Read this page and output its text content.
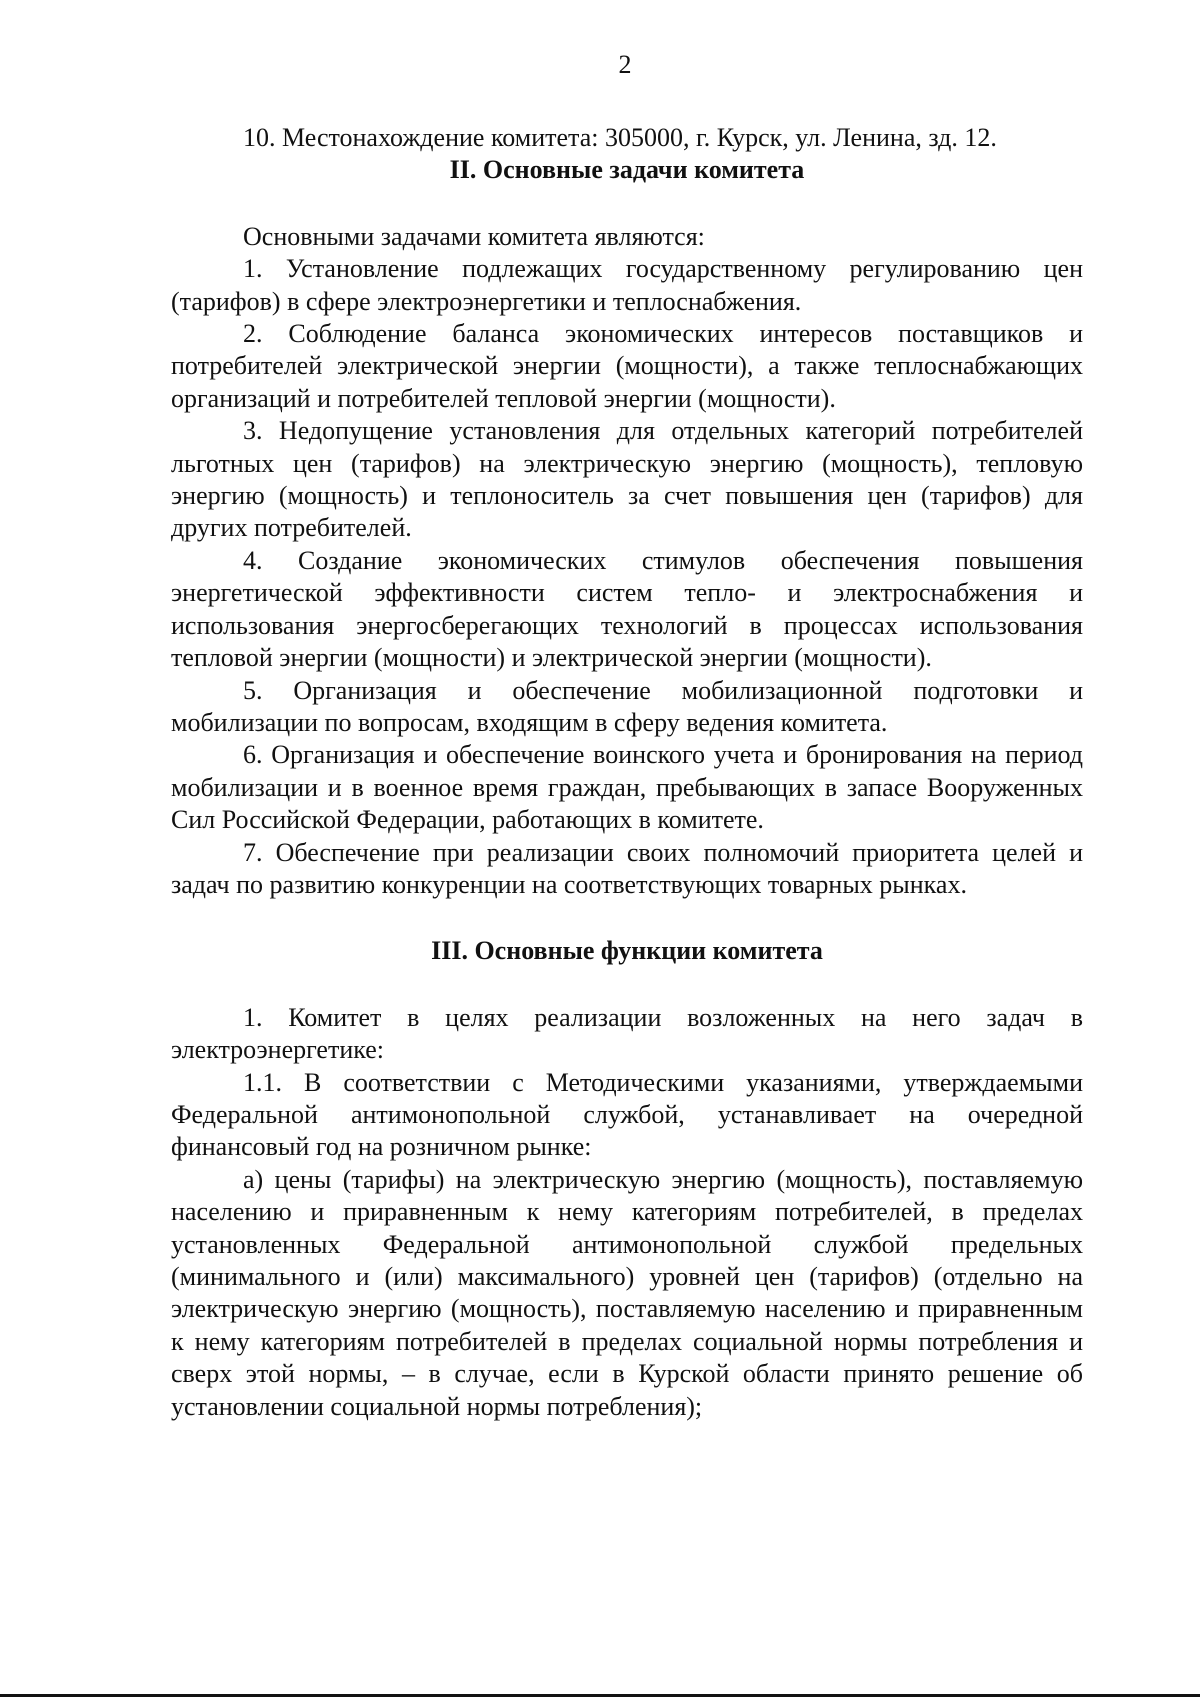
2

10. Местонахождение комитета: 305000, г. Курск, ул. Ленина, зд. 12.

II. Основные задачи комитета

Основными задачами комитета являются:

1. Установление подлежащих государственному регулированию цен (тарифов) в сфере электроэнергетики и теплоснабжения.

2. Соблюдение баланса экономических интересов поставщиков и потребителей электрической энергии (мощности), а также теплоснабжающих организаций и потребителей тепловой энергии (мощности).

3. Недопущение установления для отдельных категорий потребителей льготных цен (тарифов) на электрическую энергию (мощность), тепловую энергию (мощность) и теплоноситель за счет повышения цен (тарифов) для других потребителей.

4. Создание экономических стимулов обеспечения повышения энергетической эффективности систем тепло- и электроснабжения и использования энергосберегающих технологий в процессах использования тепловой энергии (мощности) и электрической энергии (мощности).

5. Организация и обеспечение мобилизационной подготовки и мобилизации по вопросам, входящим в сферу ведения комитета.

6. Организация и обеспечение воинского учета и бронирования на период мобилизации и в военное время граждан, пребывающих в запасе Вооруженных Сил Российской Федерации, работающих в комитете.

7. Обеспечение при реализации своих полномочий приоритета целей и задач по развитию конкуренции на соответствующих товарных рынках.

III. Основные функции комитета

1. Комитет в целях реализации возложенных на него задач в электроэнергетике:

1.1. В соответствии с Методическими указаниями, утверждаемыми Федеральной антимонопольной службой, устанавливает на очередной финансовый год на розничном рынке:

а) цены (тарифы) на электрическую энергию (мощность), поставляемую населению и приравненным к нему категориям потребителей, в пределах установленных Федеральной антимонопольной службой предельных (минимального и (или) максимального) уровней цен (тарифов) (отдельно на электрическую энергию (мощность), поставляемую населению и приравненным к нему категориям потребителей в пределах социальной нормы потребления и сверх этой нормы, – в случае, если в Курской области принято решение об установлении социальной нормы потребления);
